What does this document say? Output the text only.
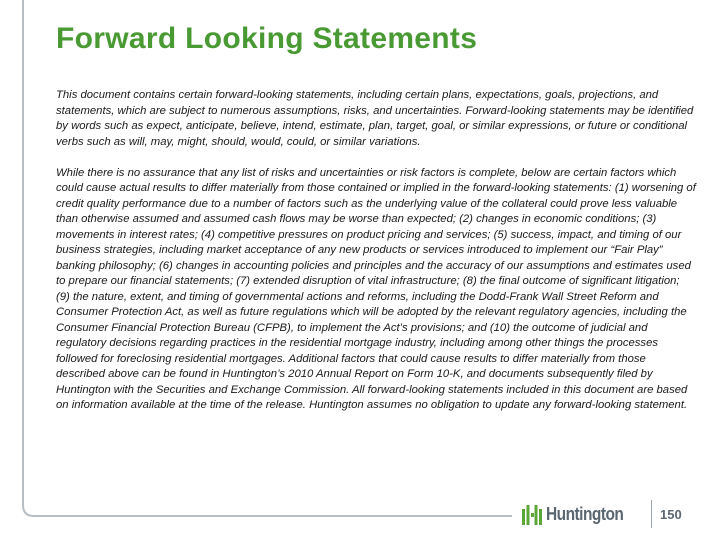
Forward Looking Statements

This document contains certain forward-looking statements, including certain plans, expectations, goals, projections, and statements, which are subject to numerous assumptions, risks, and uncertainties. Forward-looking statements may be identified by words such as expect, anticipate, believe, intend, estimate, plan, target, goal, or similar expressions, or future or conditional verbs such as will, may, might, should, would, could, or similar variations.

While there is no assurance that any list of risks and uncertainties or risk factors is complete, below are certain factors which could cause actual results to differ materially from those contained or implied in the forward-looking statements: (1) worsening of credit quality performance due to a number of factors such as the underlying value of the collateral could prove less valuable than otherwise assumed and assumed cash flows may be worse than expected; (2) changes in economic conditions; (3) movements in interest rates; (4) competitive pressures on product pricing and services; (5) success, impact, and timing of our business strategies, including market acceptance of any new products or services introduced to implement our “Fair Play” banking philosophy; (6) changes in accounting policies and principles and the accuracy of our assumptions and estimates used to prepare our financial statements; (7) extended disruption of vital infrastructure; (8) the final outcome of significant litigation; (9) the nature, extent, and timing of governmental actions and reforms, including the Dodd-Frank Wall Street Reform and Consumer Protection Act, as well as future regulations which will be adopted by the relevant regulatory agencies, including the Consumer Financial Protection Bureau (CFPB), to implement the Act’s provisions; and (10) the outcome of judicial and regulatory decisions regarding practices in the residential mortgage industry, including among other things the processes followed for foreclosing residential mortgages. Additional factors that could cause results to differ materially from those described above can be found in Huntington’s 2010 Annual Report on Form 10-K, and documents subsequently filed by Huntington with the Securities and Exchange Commission. All forward-looking statements included in this document are based on information available at the time of the release. Huntington assumes no obligation to update any forward-looking statement.

Huntington	150
